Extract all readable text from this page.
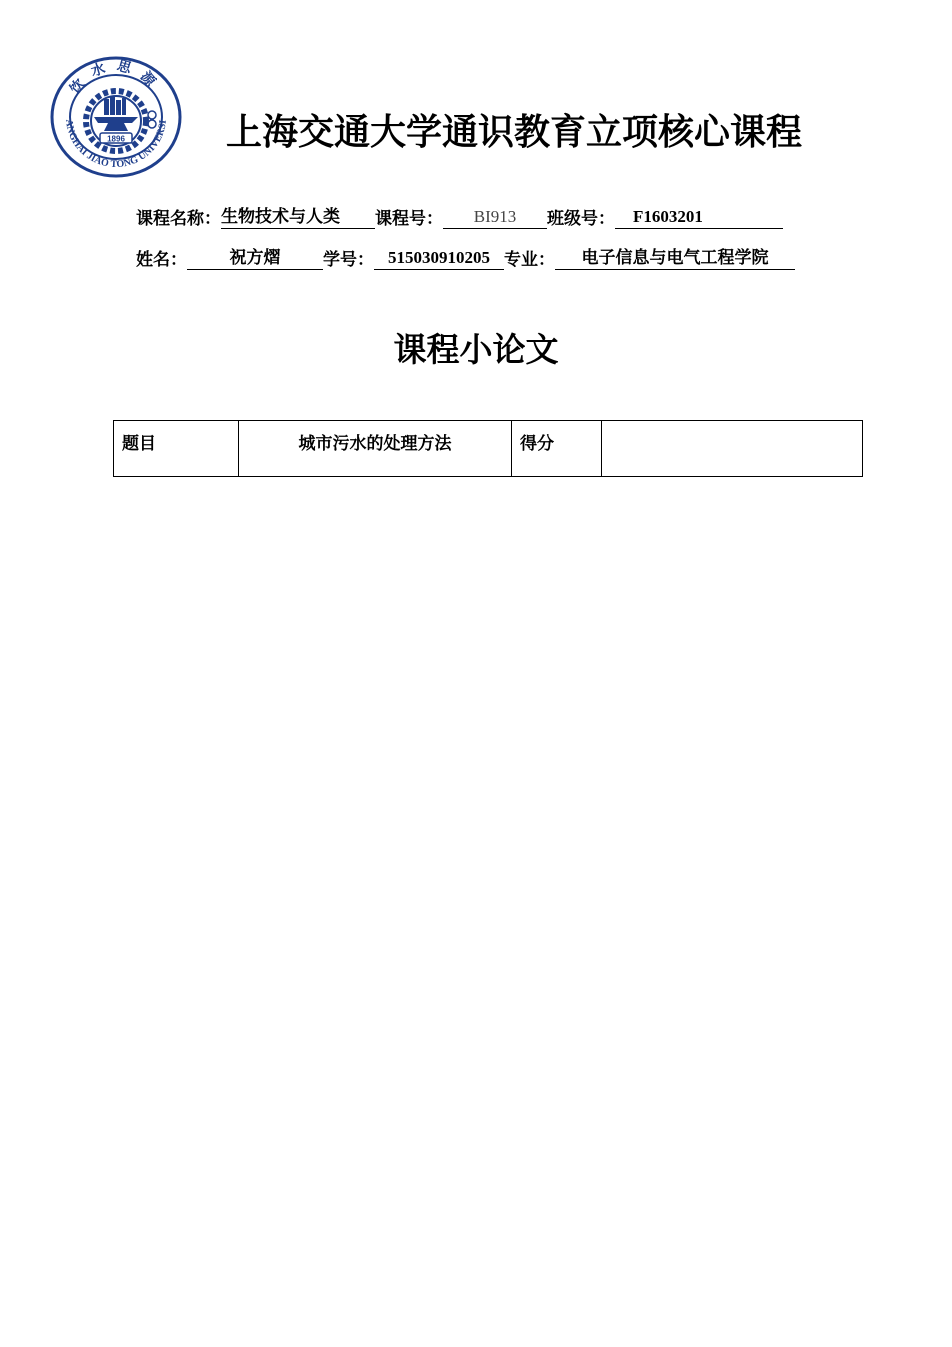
ANGHAI JIAO TONG UNIVERSI
饮水思源
1896	上海交通大学通识教育立项核心课程
课程名称： 生物技术与人类	课程号：	BI913	班级号：	F1603201
姓名：	祝方熠	学号： 515030910205 专业：	电子信息与电气工程学院
课程小论文
题目	城市污水的处理方法	得分	
